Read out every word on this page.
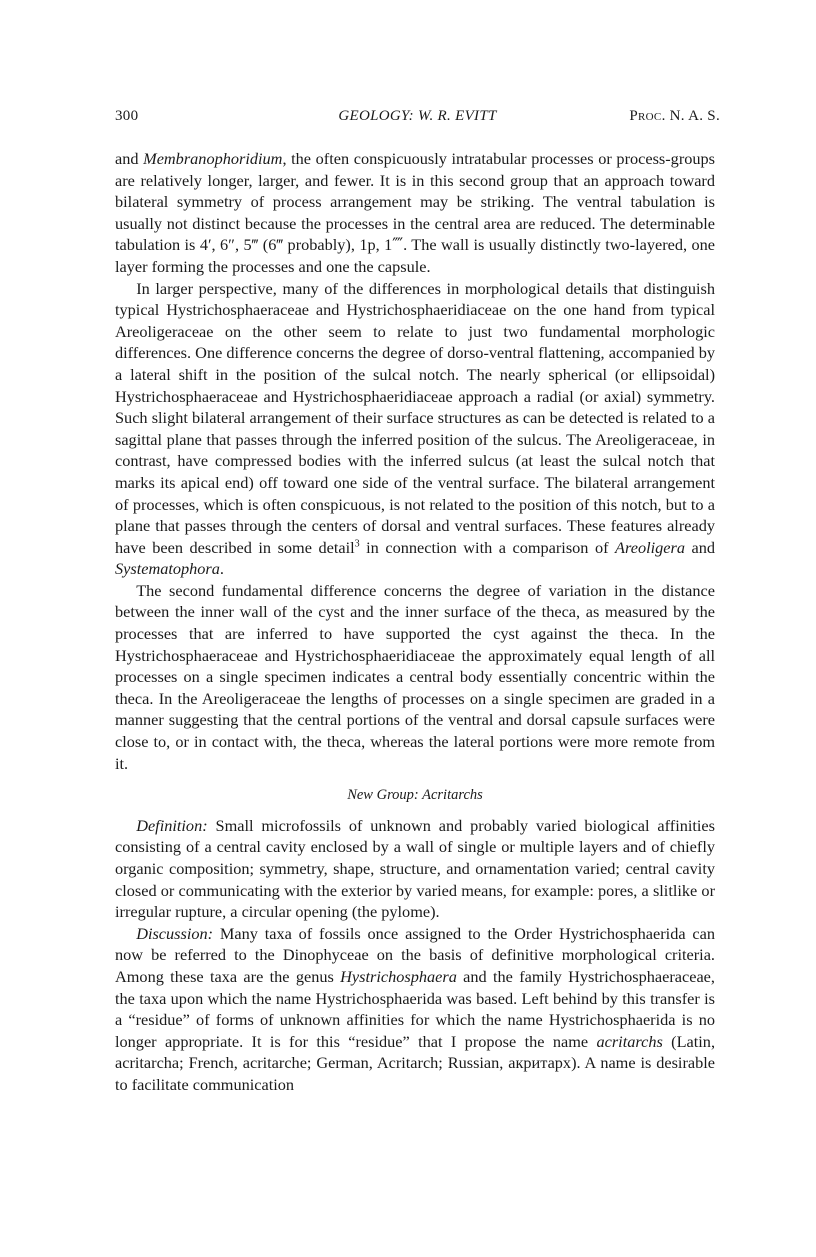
300	GEOLOGY: W. R. EVITT	Proc. N. A. S.

and Membranophoridium, the often conspicuously intratabular processes or process-groups are relatively longer, larger, and fewer. It is in this second group that an approach toward bilateral symmetry of process arrangement may be striking. The ventral tabulation is usually not distinct because the processes in the central area are reduced. The determinable tabulation is 4′, 6″, 5‴ (6‴ probably), 1p, 1⁗. The wall is usually distinctly two-layered, one layer forming the processes and one the capsule.

In larger perspective, many of the differences in morphological details that distinguish typical Hystrichosphaeraceae and Hystrichosphaeridiaceae on the one hand from typical Areoligeraceae on the other seem to relate to just two fundamental morphologic differences. One difference concerns the degree of dorso-ventral flattening, accompanied by a lateral shift in the position of the sulcal notch. The nearly spherical (or ellipsoidal) Hystrichosphaeraceae and Hystrichosphaeridiaceae approach a radial (or axial) symmetry. Such slight bilateral arrangement of their surface structures as can be detected is related to a sagittal plane that passes through the inferred position of the sulcus. The Areoligeraceae, in contrast, have compressed bodies with the inferred sulcus (at least the sulcal notch that marks its apical end) off toward one side of the ventral surface. The bilateral arrangement of processes, which is often conspicuous, is not related to the position of this notch, but to a plane that passes through the centers of dorsal and ventral surfaces. These features already have been described in some detail$^3$ in connection with a comparison of Areoligera and Systematophora.

The second fundamental difference concerns the degree of variation in the distance between the inner wall of the cyst and the inner surface of the theca, as measured by the processes that are inferred to have supported the cyst against the theca. In the Hystrichosphaeraceae and Hystrichosphaeridiaceae the approximately equal length of all processes on a single specimen indicates a central body essentially concentric within the theca. In the Areoligeraceae the lengths of processes on a single specimen are graded in a manner suggesting that the central portions of the ventral and dorsal capsule surfaces were close to, or in contact with, the theca, whereas the lateral portions were more remote from it.

New Group: Acritarchs

Definition: Small microfossils of unknown and probably varied biological affinities consisting of a central cavity enclosed by a wall of single or multiple layers and of chiefly organic composition; symmetry, shape, structure, and ornamentation varied; central cavity closed or communicating with the exterior by varied means, for example: pores, a slitlike or irregular rupture, a circular opening (the pylome).

Discussion: Many taxa of fossils once assigned to the Order Hystrichosphaerida can now be referred to the Dinophyceae on the basis of definitive morphological criteria. Among these taxa are the genus Hystrichosphaera and the family Hystrichosphaeraceae, the taxa upon which the name Hystrichosphaerida was based. Left behind by this transfer is a “residue” of forms of unknown affinities for which the name Hystrichosphaerida is no longer appropriate. It is for this “residue” that I propose the name acritarchs (Latin, acritarcha; French, acritarche; German, Acritarch; Russian, акритарх). A name is desirable to facilitate communication
